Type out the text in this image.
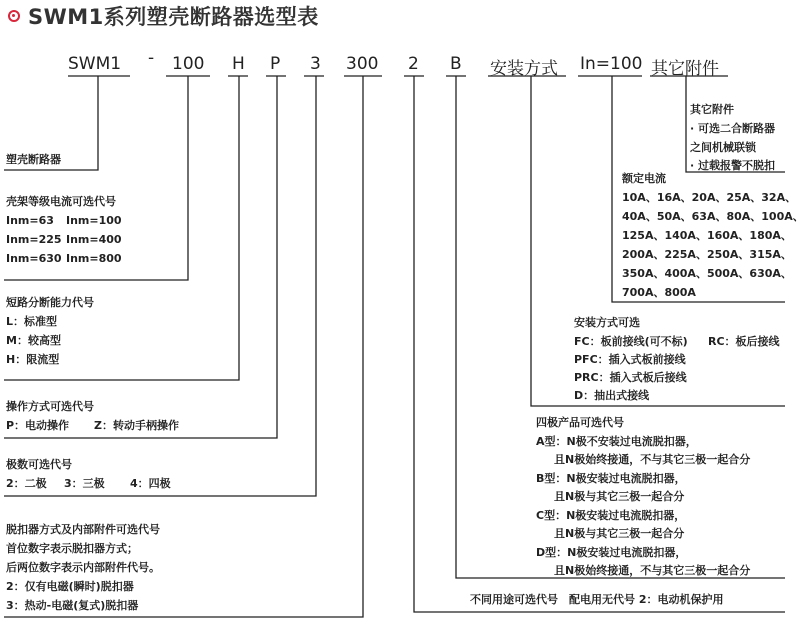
SWM1系列塑壳断路器选型表
SWM1 - 100 H P 3 300 2 B 安装方式 In=100 其它附件
塑壳断路器
壳架等级电流可选代号
Inm=63 Inm=100
Inm=225 Inm=400
Inm=630 Inm=800
短路分断能力代号
L：标准型
M：较高型
H：限流型
操作方式可选代号
P：电动操作 Z：转动手柄操作
极数可选代号
2：二极 3：三极 4：四极
脱扣器方式及内部附件可选代号
首位数字表示脱扣器方式；
后两位数字表示内部附件代号。
2：仅有电磁(瞬时)脱扣器
3：热动-电磁(复式)脱扣器
其它附件
· 可选二合断路器
之间机械联锁
· 过载报警不脱扣
额定电流
10A、16A、20A、25A、32A、
40A、50A、63A、80A、100A、
125A、140A、160A、180A、
200A、225A、250A、315A、
350A、400A、500A、630A、
700A、800A
安装方式可选
FC：板前接线(可不标) RC：板后接线
PFC：插入式板前接线
PRC：插入式板后接线
D：抽出式接线
四极产品可选代号
A型：N极不安装过电流脱扣器，
且N极始终接通，不与其它三极一起合分
B型：N极安装过电流脱扣器，
且N极与其它三极一起合分
C型：N极安装过电流脱扣器，
且N极与其它三极一起合分
D型：N极安装过电流脱扣器，
且N极始终接通，不与其它三极一起合分
不同用途可选代号　配电用无代号 2：电动机保护用
